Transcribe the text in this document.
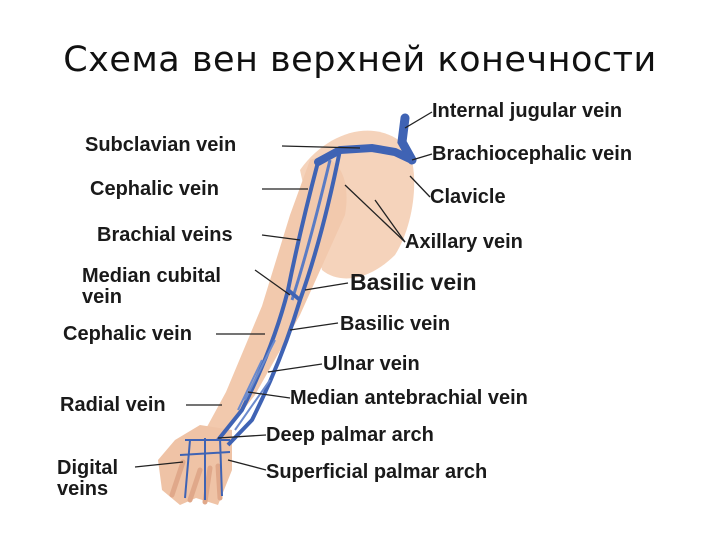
Схема вен верхней конечности
Internal jugular vein
Subclavian vein	Brachiocephalic vein
Cephalic vein	Clavicle
Brachial veins	Axillary vein
Median cubital
vein
Basilic vein
Cephalic vein	Basilic vein
Ulnar vein
Radial vein	Median antebrachial vein
Deep palmar arch
Digital
veins
Superficial palmar arch
